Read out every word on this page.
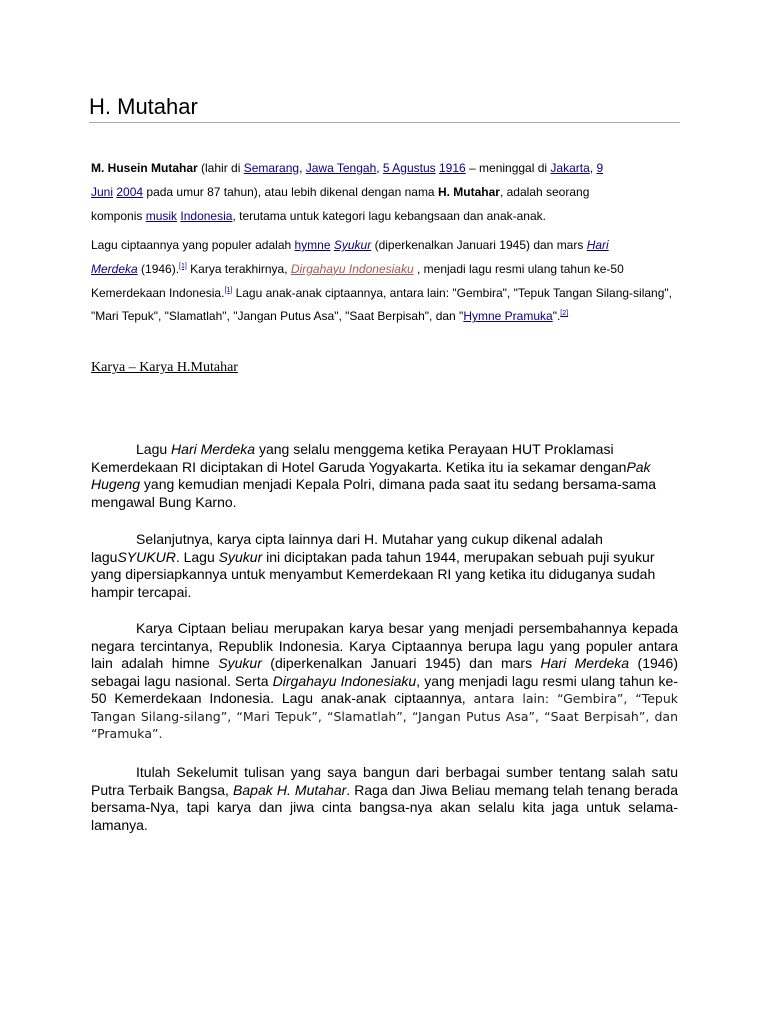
H. Mutahar

M. Husein Mutahar (lahir di Semarang, Jawa Tengah, 5 Agustus 1916 – meninggal di Jakarta, 9
Juni 2004 pada umur 87 tahun), atau lebih dikenal dengan nama H. Mutahar, adalah seorang
komponis musik Indonesia, terutama untuk kategori lagu kebangsaan dan anak-anak.

Lagu ciptaannya yang populer adalah hymne Syukur (diperkenalkan Januari 1945) dan mars Hari
Merdeka (1946).[1] Karya terakhirnya, Dirgahayu Indonesiaku , menjadi lagu resmi ulang tahun ke-50
Kemerdekaan Indonesia.[1] Lagu anak-anak ciptaannya, antara lain: "Gembira", "Tepuk Tangan Silang-silang",
"Mari Tepuk", "Slamatlah", "Jangan Putus Asa", "Saat Berpisah", dan "Hymne Pramuka".[2]

Karya – Karya H.Mutahar

Lagu Hari Merdeka yang selalu menggema ketika Perayaan HUT Proklamasi Kemerdekaan RI diciptakan di Hotel Garuda Yogyakarta. Ketika itu ia sekamar denganPak Hugeng yang kemudian menjadi Kepala Polri, dimana pada saat itu sedang bersama-sama mengawal Bung Karno.

Selanjutnya, karya cipta lainnya dari H. Mutahar yang cukup dikenal adalah laguSYUKUR. Lagu Syukur ini diciptakan pada tahun 1944, merupakan sebuah puji syukur yang dipersiapkannya untuk menyambut Kemerdekaan RI yang ketika itu diduganya sudah hampir tercapai.

Karya Ciptaan beliau merupakan karya besar yang menjadi persembahannya kepada negara tercintanya, Republik Indonesia. Karya Ciptaannya berupa lagu yang populer antara lain adalah himne Syukur (diperkenalkan Januari 1945) dan mars Hari Merdeka (1946) sebagai lagu nasional. Serta Dirgahayu Indonesiaku, yang menjadi lagu resmi ulang tahun ke-50 Kemerdekaan Indonesia. Lagu anak-anak ciptaannya, antara lain: “Gembira”, “Tepuk Tangan Silang-silang”, “Mari Tepuk”, “Slamatlah”, “Jangan Putus Asa”, “Saat Berpisah”, dan “Pramuka”.

Itulah Sekelumit tulisan yang saya bangun dari berbagai sumber tentang salah satu Putra Terbaik Bangsa, Bapak H. Mutahar. Raga dan Jiwa Beliau memang telah tenang berada bersama-Nya, tapi karya dan jiwa cinta bangsa-nya akan selalu kita jaga untuk selama-lamanya.
